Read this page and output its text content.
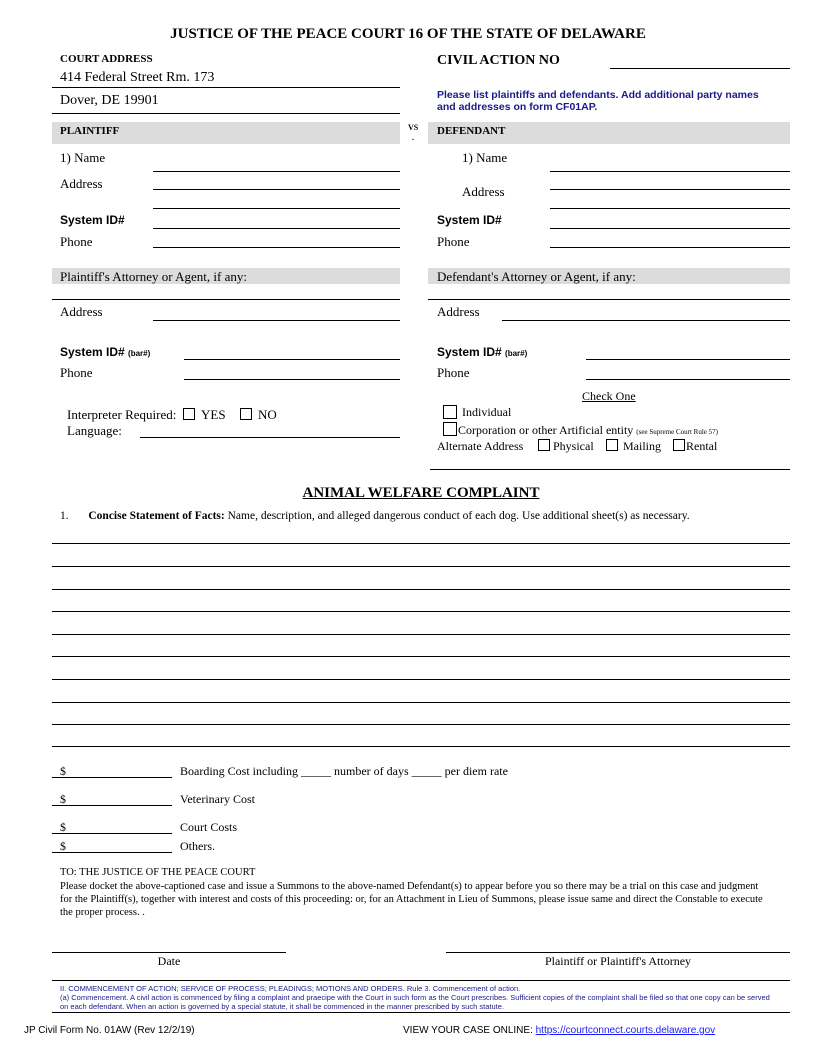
JUSTICE OF THE PEACE COURT 16 OF THE STATE OF DELAWARE
COURT ADDRESS
414 Federal Street Rm. 173
Dover, DE 19901
CIVIL ACTION NO
Please list plaintiffs and defendants. Add additional party names and addresses on form CF01AP.
PLAINTIFF	VS
.
DEFENDANT
1) Name
Address
System ID#
Phone
1) Name
Address
System ID#
Phone
Plaintiff's Attorney or Agent, if any:	Defendant's Attorney or Agent, if any:
Address	Address
System ID# (bar#)	System ID# (bar#)
Phone	Phone
Interpreter Required: YES NO
Language:
Check One
Individual
Corporation or other Artificial entity (see Supreme Court Rule 57)
Alternate Address Physical Mailing Rental
ANIMAL WELFARE COMPLAINT
1. Concise Statement of Facts: Name, description, and alleged dangerous conduct of each dog. Use additional sheet(s) as necessary.
$	Boarding Cost including _____ number of days _____ per diem rate
$	Veterinary Cost
$	Court Costs
$	Others.
TO: THE JUSTICE OF THE PEACE COURT
Please docket the above-captioned case and issue a Summons to the above-named Defendant(s) to appear before you so there may be a trial on this case and judgment for the Plaintiff(s), together with interest and costs of this proceeding: or, for an Attachment in Lieu of Summons, please issue same and direct the Constable to execute the proper process. .
Date	Plaintiff or Plaintiff's Attorney
II. COMMENCEMENT OF ACTION; SERVICE OF PROCESS; PLEADINGS; MOTIONS AND ORDERS. Rule 3. Commencement of action.
(a) Commencement. A civil action is commenced by filing a complaint and praecipe with the Court in such form as the Court prescribes. Sufficient copies of the complaint shall be filed so that one copy can be served on each defendant. When an action is governed by a special statute, it shall be commenced in the manner prescribed by such statute.
JP Civil Form No. 01AW (Rev 12/2/19)	VIEW YOUR CASE ONLINE: https://courtconnect.courts.delaware.gov
